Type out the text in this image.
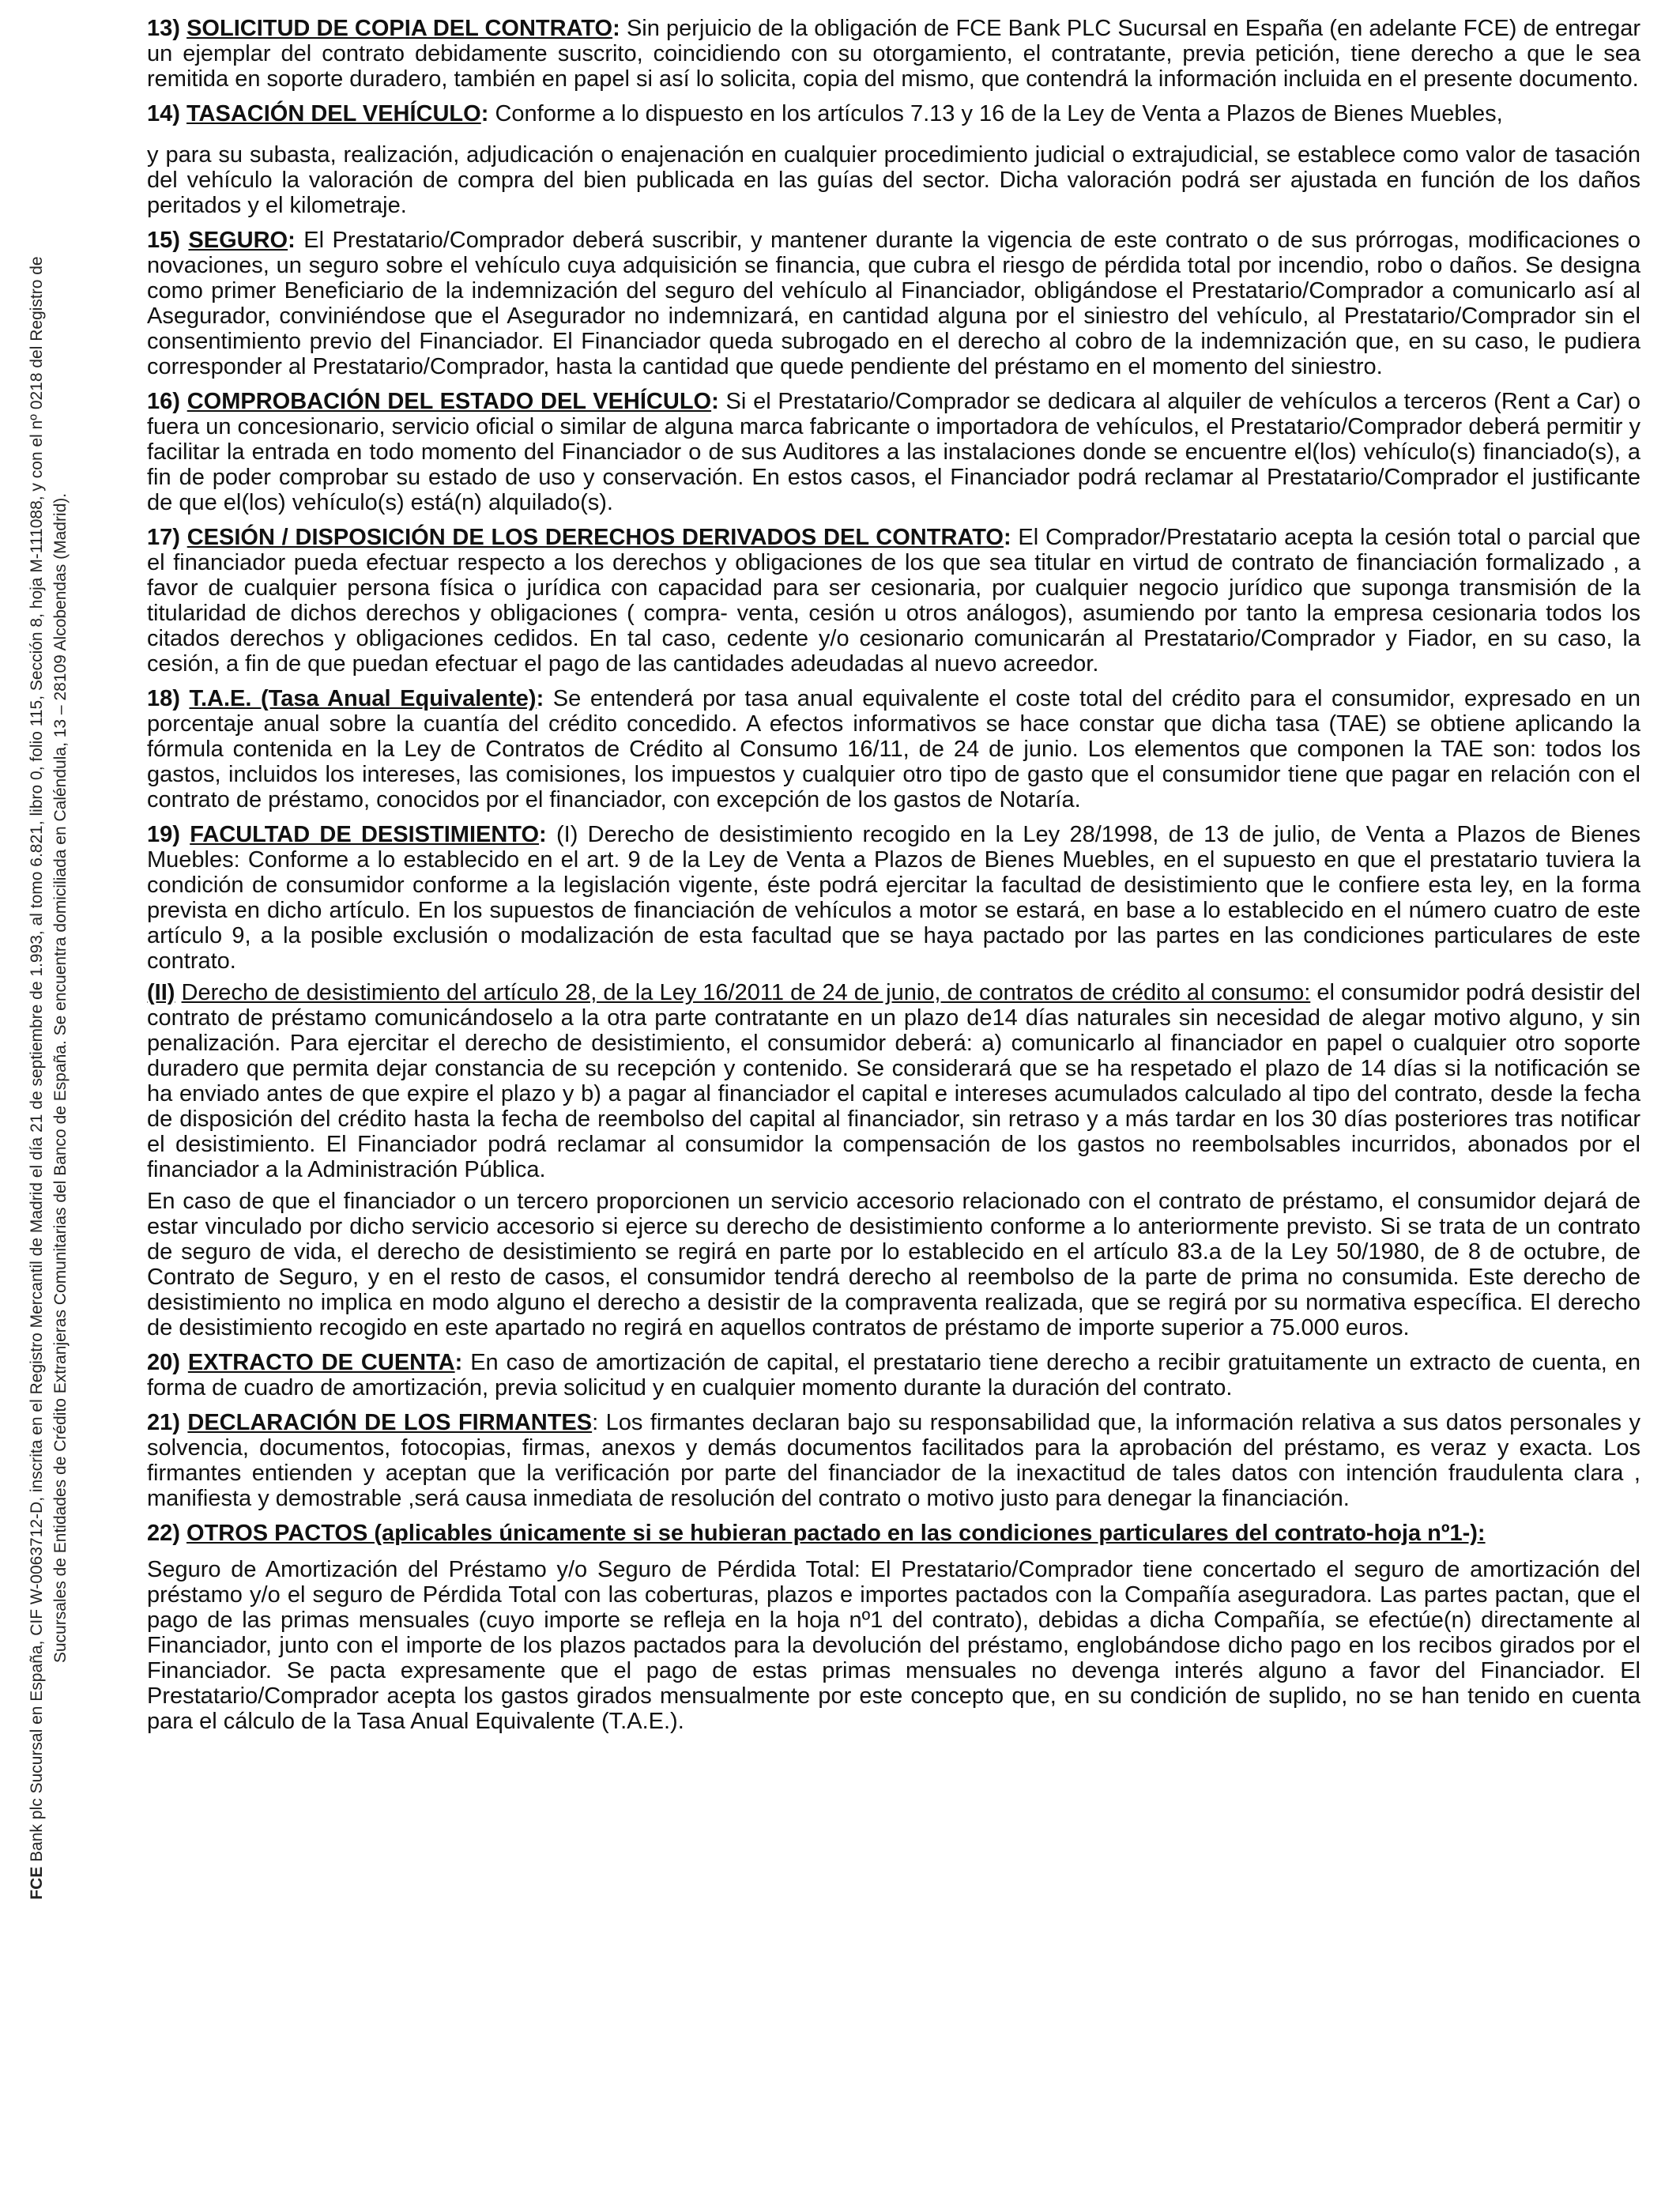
FCE Bank plc Sucursal en España, CIF W-0063712-D, inscrita en el Registro Mercantil de Madrid el día 21 de septiembre de 1.993, al tomo 6.821, libro 0, folio 115, Sección 8, hoja M-111088, y con el nº 0218 del Registro de Sucursales de Entidades de Crédito Extranjeras Comunitarias del Banco de España. Se encuentra domiciliada en Caléndula, 13 – 28109 Alcobendas (Madrid).
13) SOLICITUD DE COPIA DEL CONTRATO: Sin perjuicio de la obligación de FCE Bank PLC Sucursal en España (en adelante FCE) de entregar un ejemplar del contrato debidamente suscrito, coincidiendo con su otorgamiento, el contratante, previa petición, tiene derecho a que le sea remitida en soporte duradero, también en papel si así lo solicita, copia del mismo, que contendrá la información incluida en el presente documento.

14) TASACIÓN DEL VEHÍCULO: Conforme a lo dispuesto en los artículos 7.13 y 16 de la Ley de Venta a Plazos de Bienes Muebles,

y para su subasta, realización, adjudicación o enajenación en cualquier procedimiento judicial o extrajudicial, se establece como valor de tasación del vehículo la valoración de compra del bien publicada en las guías del sector. Dicha valoración podrá ser ajustada en función de los daños peritados y el kilometraje.

15) SEGURO: El Prestatario/Comprador deberá suscribir, y mantener durante la vigencia de este contrato o de sus prórrogas, modificaciones o novaciones, un seguro sobre el vehículo cuya adquisición se financia, que cubra el riesgo de pérdida total por incendio, robo o daños. Se designa como primer Beneficiario de la indemnización del seguro del vehículo al Financiador, obligándose el Prestatario/Comprador a comunicarlo así al Asegurador, conviniéndose que el Asegurador no indemnizará, en cantidad alguna por el siniestro del vehículo, al Prestatario/Comprador sin el consentimiento previo del Financiador. El Financiador queda subrogado en el derecho al cobro de la indemnización que, en su caso, le pudiera corresponder al Prestatario/Comprador, hasta la cantidad que quede pendiente del préstamo en el momento del siniestro.
16) COMPROBACIÓN DEL ESTADO DEL VEHÍCULO: Si el Prestatario/Comprador se dedicara al alquiler de vehículos a terceros (Rent a Car) o fuera un concesionario, servicio oficial o similar de alguna marca fabricante o importadora de vehículos, el Prestatario/Comprador deberá permitir y facilitar la entrada en todo momento del Financiador o de sus Auditores a las instalaciones donde se encuentre el(los) vehículo(s) financiado(s), a fin de poder comprobar su estado de uso y conservación. En estos casos, el Financiador podrá reclamar al Prestatario/Comprador el justificante de que el(los) vehículo(s) está(n) alquilado(s).
17) CESIÓN / DISPOSICIÓN DE LOS DERECHOS DERIVADOS DEL CONTRATO: El Comprador/Prestatario acepta la cesión total o parcial que el financiador pueda efectuar respecto a los derechos y obligaciones de los que sea titular en virtud de contrato de financiación formalizado , a favor de cualquier persona física o jurídica con capacidad para ser cesionaria, por cualquier negocio jurídico que suponga transmisión de la titularidad de dichos derechos y obligaciones ( compra- venta, cesión u otros análogos), asumiendo por tanto la empresa cesionaria todos los citados derechos y obligaciones cedidos. En tal caso, cedente y/o cesionario comunicarán al Prestatario/Comprador y Fiador, en su caso, la cesión, a fin de que puedan efectuar el pago de las cantidades adeudadas al nuevo acreedor.
18) T.A.E. (Tasa Anual Equivalente): Se entenderá por tasa anual equivalente el coste total del crédito para el consumidor, expresado en un porcentaje anual sobre la cuantía del crédito concedido. A efectos informativos se hace constar que dicha tasa (TAE) se obtiene aplicando la fórmula contenida en la Ley de Contratos de Crédito al Consumo 16/11, de 24 de junio. Los elementos que componen la TAE son: todos los gastos, incluidos los intereses, las comisiones, los impuestos y cualquier otro tipo de gasto que el consumidor tiene que pagar en relación con el contrato de préstamo, conocidos por el financiador, con excepción de los gastos de Notaría.

19) FACULTAD DE DESISTIMIENTO: (I) Derecho de desistimiento recogido en la Ley 28/1998, de 13 de julio, de Venta a Plazos de Bienes Muebles: Conforme a lo establecido en el art. 9 de la Ley de Venta a Plazos de Bienes Muebles, en el supuesto en que el prestatario tuviera la condición de consumidor conforme a la legislación vigente, éste podrá ejercitar la facultad de desistimiento que le confiere esta ley, en la forma prevista en dicho artículo. En los supuestos de financiación de vehículos a motor se estará, en base a lo establecido en el número cuatro de este artículo 9, a la posible exclusión o modalización de esta facultad que se haya pactado por las partes en las condiciones particulares de este contrato.

(II) Derecho de desistimiento del artículo 28, de la Ley 16/2011 de 24 de junio, de contratos de crédito al consumo: el consumidor podrá desistir del contrato de préstamo comunicándoselo a la otra parte contratante en un plazo de14 días naturales sin necesidad de alegar motivo alguno, y sin penalización. Para ejercitar el derecho de desistimiento, el consumidor deberá: a) comunicarlo al financiador en papel o cualquier otro soporte duradero que permita dejar constancia de su recepción y contenido. Se considerará que se ha respetado el plazo de 14 días si la notificación se ha enviado antes de que expire el plazo y b) a pagar al financiador el capital e intereses acumulados calculado al tipo del contrato, desde la fecha de disposición del crédito hasta la fecha de reembolso del capital al financiador, sin retraso y a más tardar en los 30 días posteriores tras notificar el desistimiento. El Financiador podrá reclamar al consumidor la compensación de los gastos no reembolsables incurridos, abonados por el financiador a la Administración Pública.

En caso de que el financiador o un tercero proporcionen un servicio accesorio relacionado con el contrato de préstamo, el consumidor dejará de estar vinculado por dicho servicio accesorio si ejerce su derecho de desistimiento conforme a lo anteriormente previsto. Si se trata de un contrato de seguro de vida, el derecho de desistimiento se regirá en parte por lo establecido en el artículo 83.a de la Ley 50/1980, de 8 de octubre, de Contrato de Seguro, y en el resto de casos, el consumidor tendrá derecho al reembolso de la parte de prima no consumida. Este derecho de desistimiento no implica en modo alguno el derecho a desistir de la compraventa realizada, que se regirá por su normativa específica. El derecho de desistimiento recogido en este apartado no regirá en aquellos contratos de préstamo de importe superior a 75.000 euros.

20) EXTRACTO DE CUENTA: En caso de amortización de capital, el prestatario tiene derecho a recibir gratuitamente un extracto de cuenta, en forma de cuadro de amortización, previa solicitud y en cualquier momento durante la duración del contrato.
21) DECLARACIÓN DE LOS FIRMANTES: Los firmantes declaran bajo su responsabilidad que, la información relativa a sus datos personales y solvencia, documentos, fotocopias, firmas, anexos y demás documentos facilitados para la aprobación del préstamo, es veraz y exacta. Los firmantes entienden y aceptan que la verificación por parte del financiador de la inexactitud de tales datos con intención fraudulenta clara , manifiesta y demostrable ,será causa inmediata de resolución del contrato o motivo justo para denegar la financiación.

22) OTROS PACTOS (aplicables únicamente si se hubieran pactado en las condiciones particulares del contrato-hoja nº1-):

Seguro de Amortización del Préstamo y/o Seguro de Pérdida Total: El Prestatario/Comprador tiene concertado el seguro de amortización del préstamo y/o el seguro de Pérdida Total con las coberturas, plazos e importes pactados con la Compañía aseguradora. Las partes pactan, que el pago de las primas mensuales (cuyo importe se refleja en la hoja nº1 del contrato), debidas a dicha Compañía, se efectúe(n) directamente al Financiador, junto con el importe de los plazos pactados para la devolución del préstamo, englobándose dicho pago en los recibos girados por el Financiador. Se pacta expresamente que el pago de estas primas mensuales no devenga interés alguno a favor del Financiador. El Prestatario/Comprador acepta los gastos girados mensualmente por este concepto que, en su condición de suplido, no se han tenido en cuenta para el cálculo de la Tasa Anual Equivalente (T.A.E.).
